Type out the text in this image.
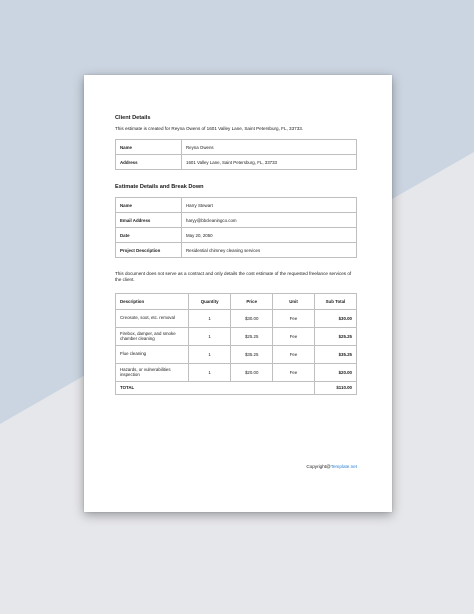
Client Details

This estimate is created for Reyna Owens of 1601 Valley Lane, Saint Petersburg, FL, 33733.

Name	Reyna Owens
Address	1601 Valley Lane, Saint Petersburg, FL, 33733

Estimate Details and Break Down

Name	Harry Stewart
Email Address	haryy@bbcleaningco.com
Date	May 20, 2050
Project Description	Residential chimney cleaning services

This document does not serve as a contract and only details the cost estimate of the requested freelance services of the client.

Description	Quantity	Price	Unit	Sub Total
Creosote, soot, etc. removal	1	$30.00	Fee	$30.00
Firebox, damper, and smoke chamber cleaning	1	$25.25	Fee	$25.25
Flue cleaning	1	$35.25	Fee	$35.25
Hazards, or vulnerabilities inspection	1	$20.00	Fee	$20.00
TOTAL				$110.00
Copyright@Template.net
